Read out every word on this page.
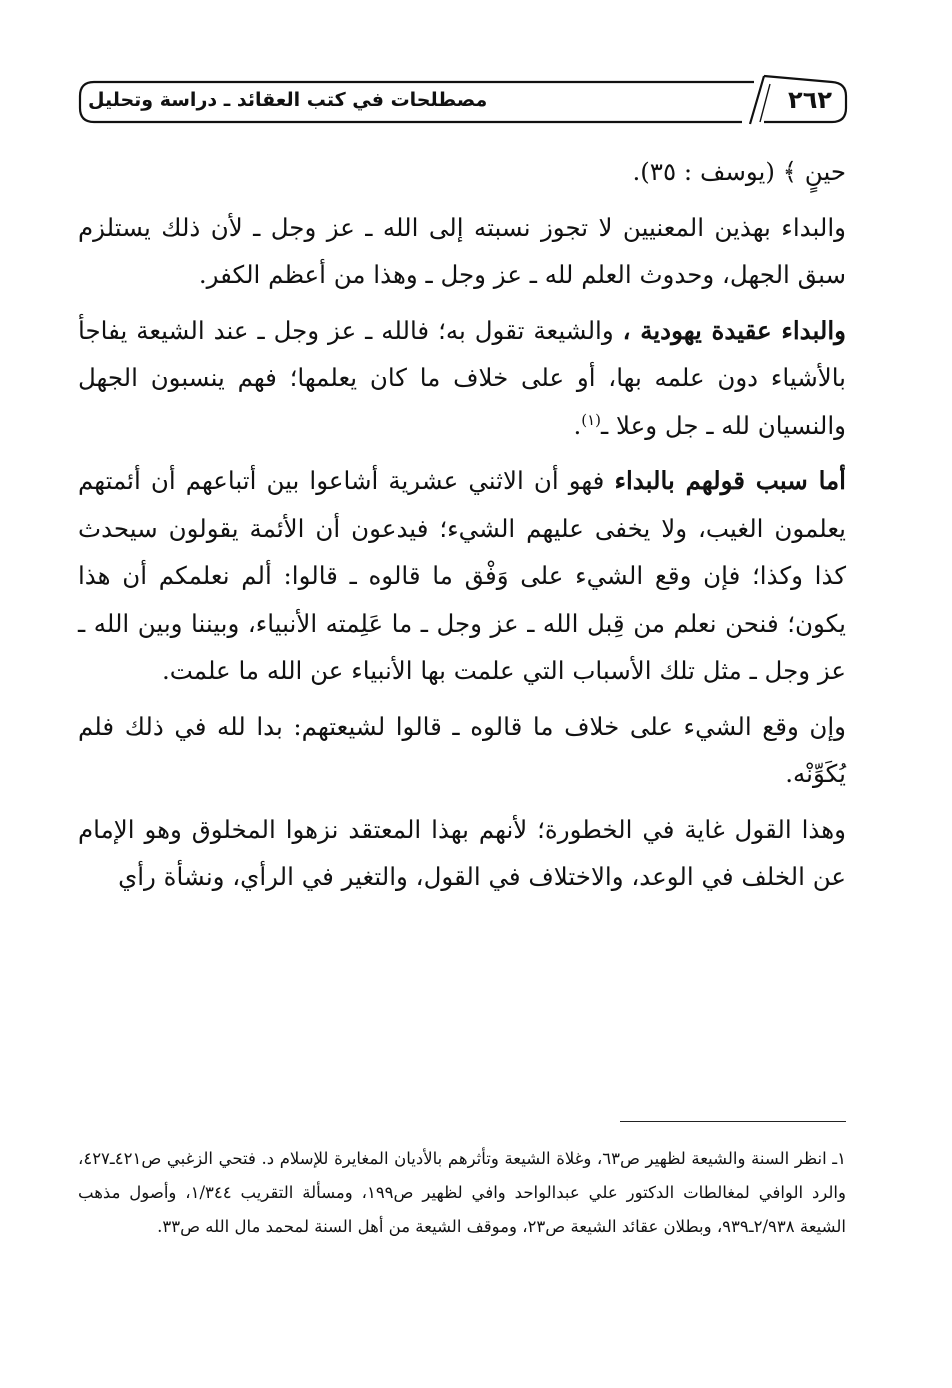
٢٦٢
مصطلحات في كتب العقائد ـ دراسة وتحليل

حينٍ ﴾ (يوسف : ٣٥).

والبداء بهذين المعنيين لا تجوز نسبته إلى الله ـ عز وجل ـ لأن ذلك يستلزم سبق الجهل، وحدوث العلم لله ـ عز وجل ـ وهذا من أعظم الكفر.

والبداء عقيدة يهودية ، والشيعة تقول به؛ فالله ـ عز وجل ـ عند الشيعة يفاجأ بالأشياء دون علمه بها، أو على خلاف ما كان يعلمها؛ فهم ينسبون الجهل والنسيان لله ـ جل وعلا ـ$^{(١)}$.

أما سبب قولهم بالبداء فهو أن الاثني عشرية أشاعوا بين أتباعهم أن أئمتهم يعلمون الغيب، ولا يخفى عليهم الشيء؛ فيدعون أن الأئمة يقولون سيحدث كذا وكذا؛ فإن وقع الشيء على وَفْق ما قالوه ـ قالوا: ألم نعلمكم أن هذا يكون؛ فنحن نعلم من قِبل الله ـ عز وجل ـ ما عَلِمته الأنبياء، وبيننا وبين الله ـ عز وجل ـ مثل تلك الأسباب التي علمت بها الأنبياء عن الله ما علمت.

وإن وقع الشيء على خلاف ما قالوه ـ قالوا لشيعتهم: بدا لله في ذلك فلم يُكَوِّنْه.

وهذا القول غاية في الخطورة؛ لأنهم بهذا المعتقد نزهوا المخلوق وهو الإمام عن الخلف في الوعد، والاختلاف في القول، والتغير في الرأي، ونشأة رأي

١ـ انظر السنة والشيعة لظهير ص٦٣، وغلاة الشيعة وتأثرهم بالأديان المغايرة للإسلام د. فتحي الزغبي ص٤٢١ـ٤٢٧، والرد الوافي لمغالطات الدكتور علي عبدالواحد وافي لظهير ص١٩٩، ومسألة التقريب ١/٣٤٤، وأصول مذهب الشيعة ٢/٩٣٨ـ٩٣٩، وبطلان عقائد الشيعة ص٢٣، وموقف الشيعة من أهل السنة لمحمد مال الله ص٣٣.
